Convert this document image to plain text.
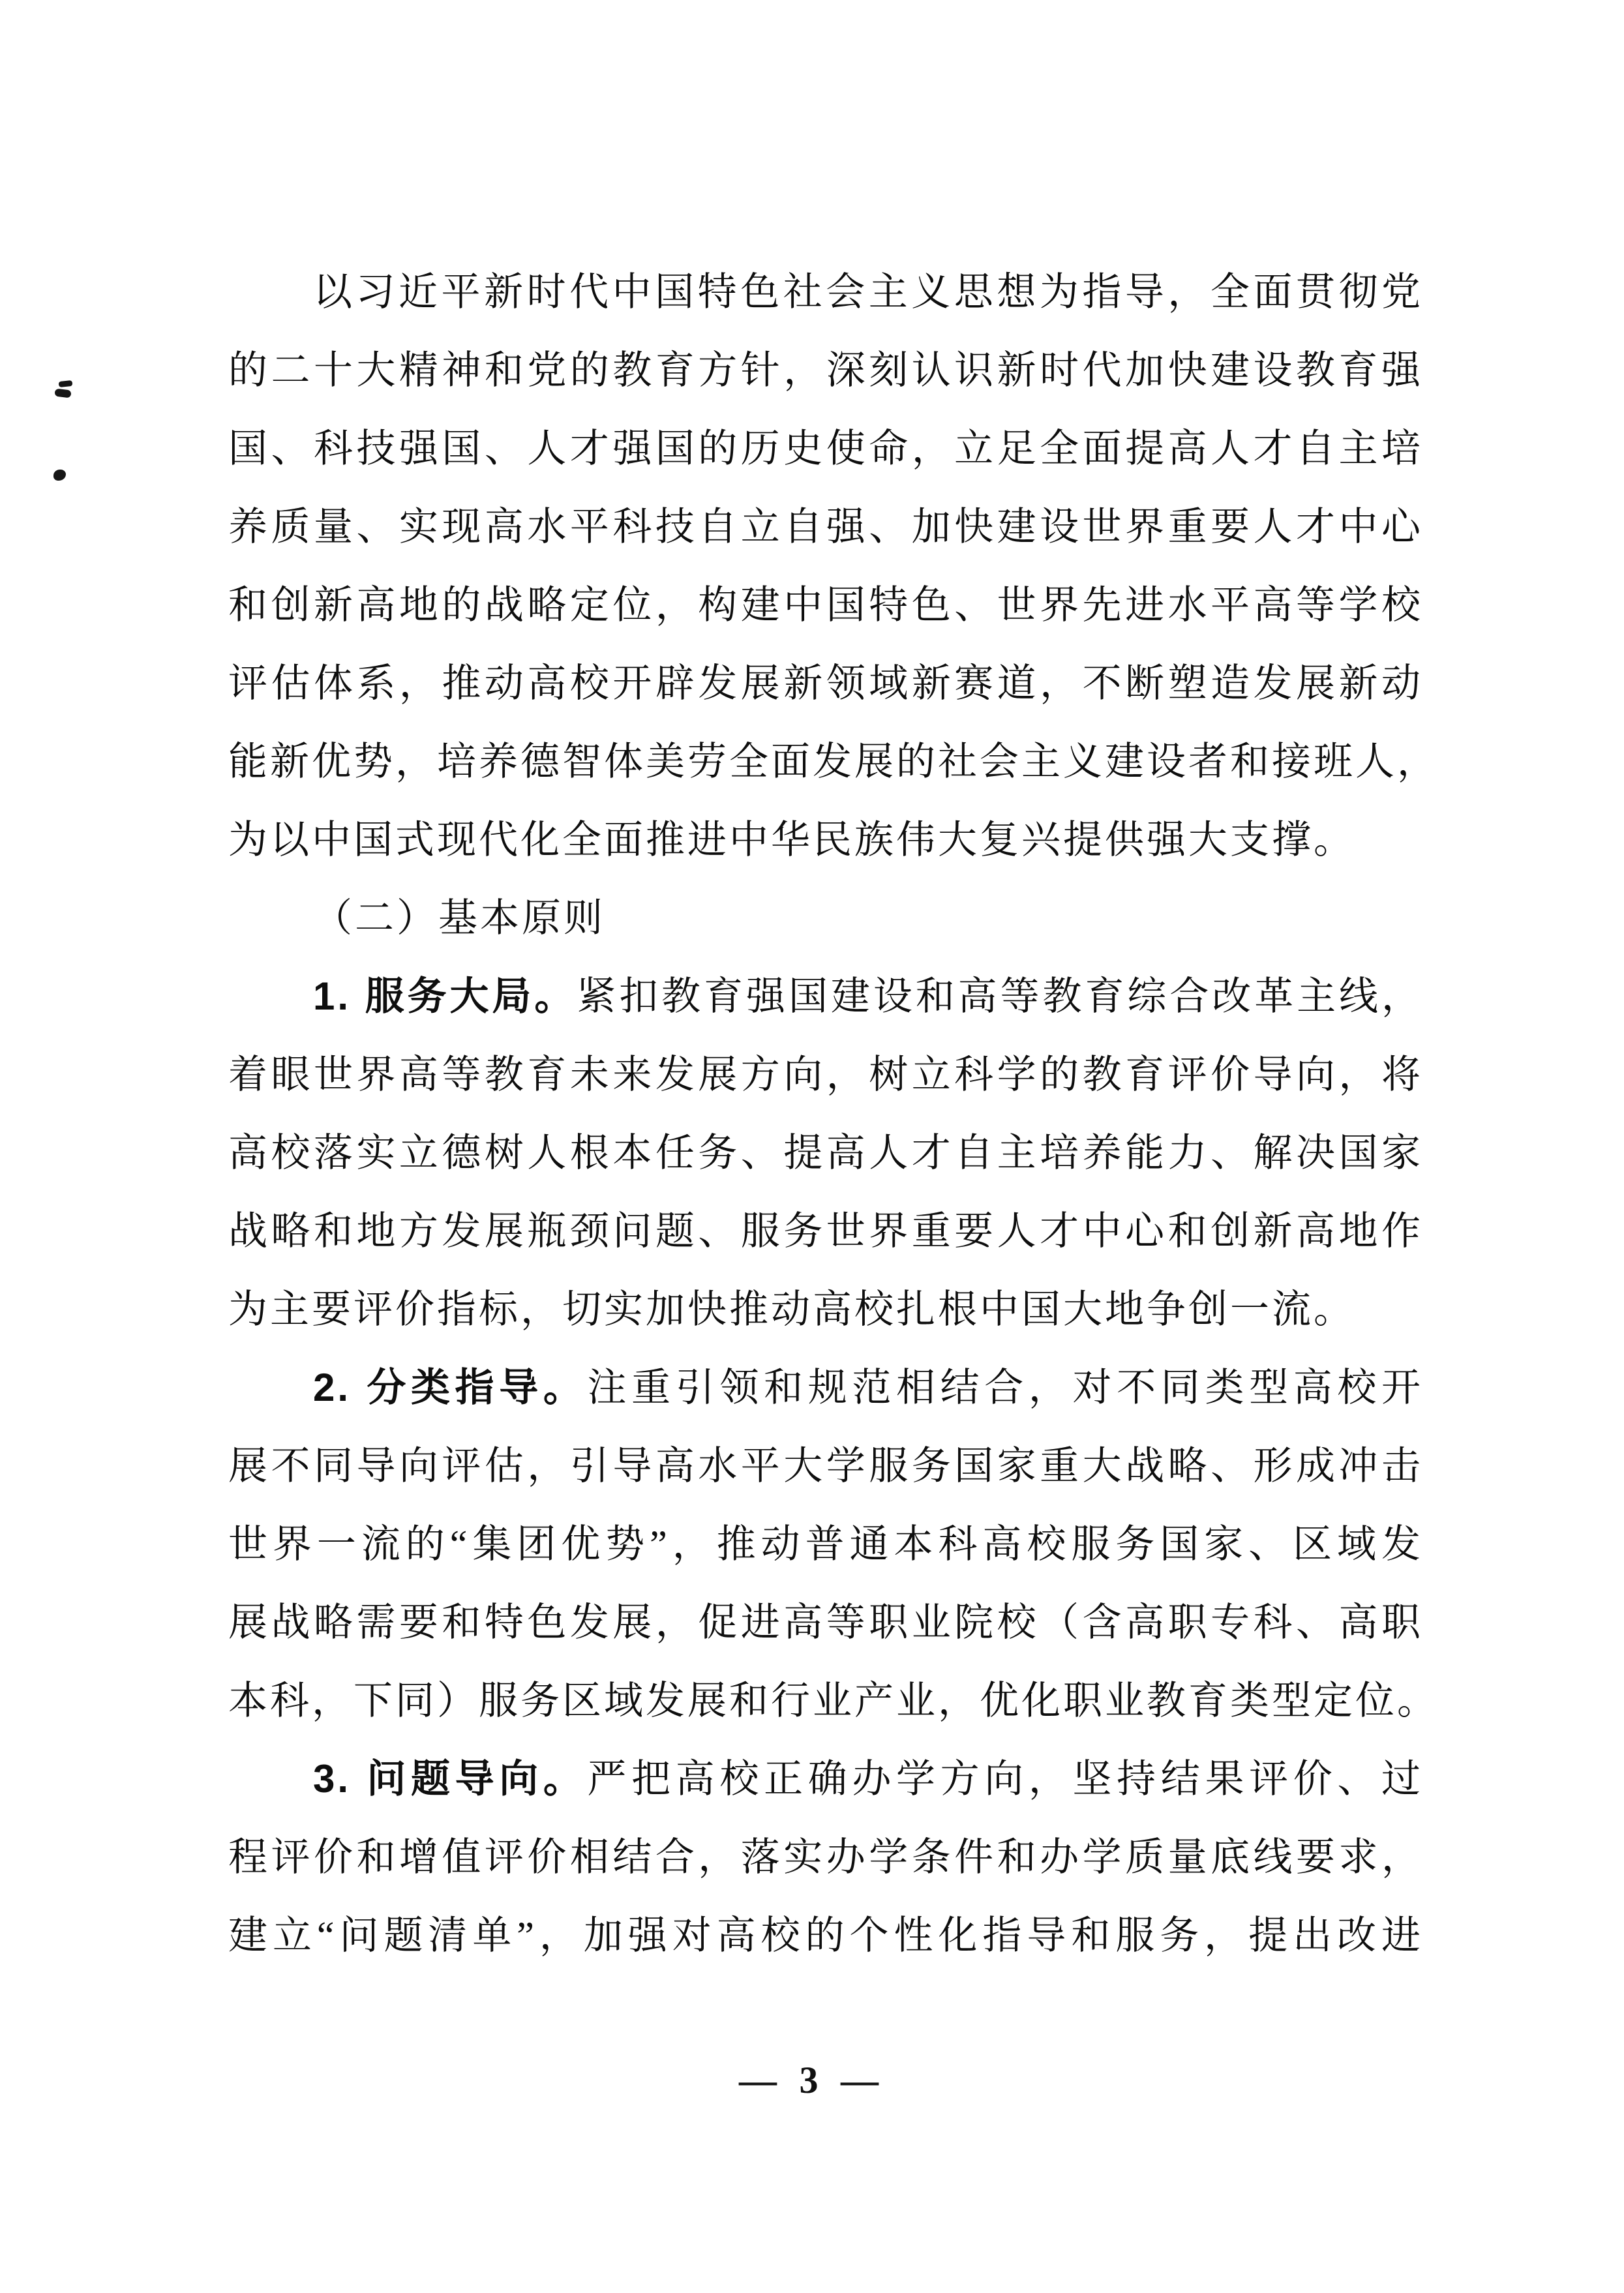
以习近平新时代中国特色社会主义思想为指导，全面贯彻党
的二十大精神和党的教育方针，深刻认识新时代加快建设教育强
国、科技强国、人才强国的历史使命，立足全面提高人才自主培
养质量、实现高水平科技自立自强、加快建设世界重要人才中心
和创新高地的战略定位，构建中国特色、世界先进水平高等学校
评估体系，推动高校开辟发展新领域新赛道，不断塑造发展新动
能新优势，培养德智体美劳全面发展的社会主义建设者和接班人，
为以中国式现代化全面推进中华民族伟大复兴提供强大支撑。
（二）基本原则
1. 服务大局。紧扣教育强国建设和高等教育综合改革主线，
着眼世界高等教育未来发展方向，树立科学的教育评价导向，将
高校落实立德树人根本任务、提高人才自主培养能力、解决国家
战略和地方发展瓶颈问题、服务世界重要人才中心和创新高地作
为主要评价指标，切实加快推动高校扎根中国大地争创一流。
2. 分类指导。注重引领和规范相结合，对不同类型高校开
展不同导向评估，引导高水平大学服务国家重大战略、形成冲击
世界一流的“集团优势”，推动普通本科高校服务国家、区域发
展战略需要和特色发展，促进高等职业院校（含高职专科、高职
本科，下同）服务区域发展和行业产业，优化职业教育类型定位。
3. 问题导向。严把高校正确办学方向，坚持结果评价、过
程评价和增值评价相结合，落实办学条件和办学质量底线要求，
建立“问题清单”，加强对高校的个性化指导和服务，提出改进
— 3 —
